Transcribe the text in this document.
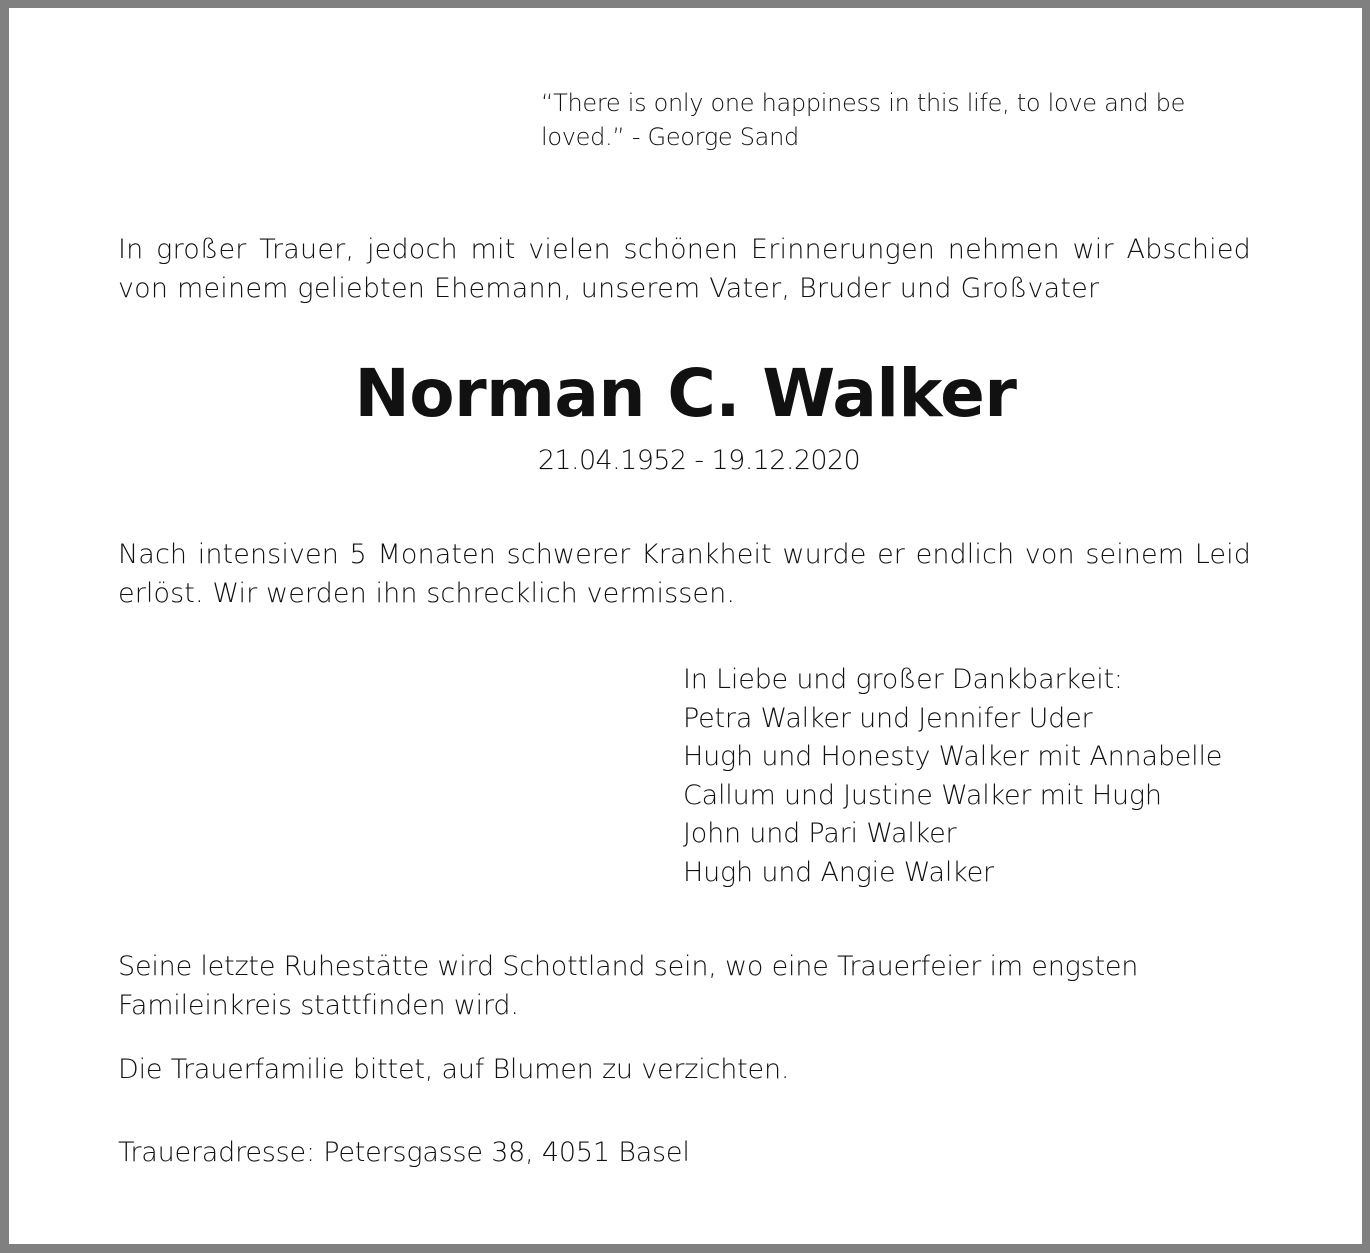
“There is only one happiness in this life, to love and be loved.” - George Sand

In großer Trauer, jedoch mit vielen schönen Erinnerungen nehmen wir Abschied von meinem geliebten Ehemann, unserem Vater, Bruder und Großvater

Norman C. Walker

21.04.1952 - 19.12.2020

Nach intensiven 5 Monaten schwerer Krankheit wurde er endlich von seinem Leid erlöst. Wir werden ihn schrecklich vermissen.

In Liebe und großer Dankbarkeit:
Petra Walker und Jennifer Uder
Hugh und Honesty Walker mit Annabelle
Callum und Justine Walker mit Hugh
John und Pari Walker
Hugh und Angie Walker

Seine letzte Ruhestätte wird Schottland sein, wo eine Trauerfeier im engsten Famileinkreis stattfinden wird.

Die Trauerfamilie bittet, auf Blumen zu verzichten.

Traueradresse: Petersgasse 38, 4051 Basel
